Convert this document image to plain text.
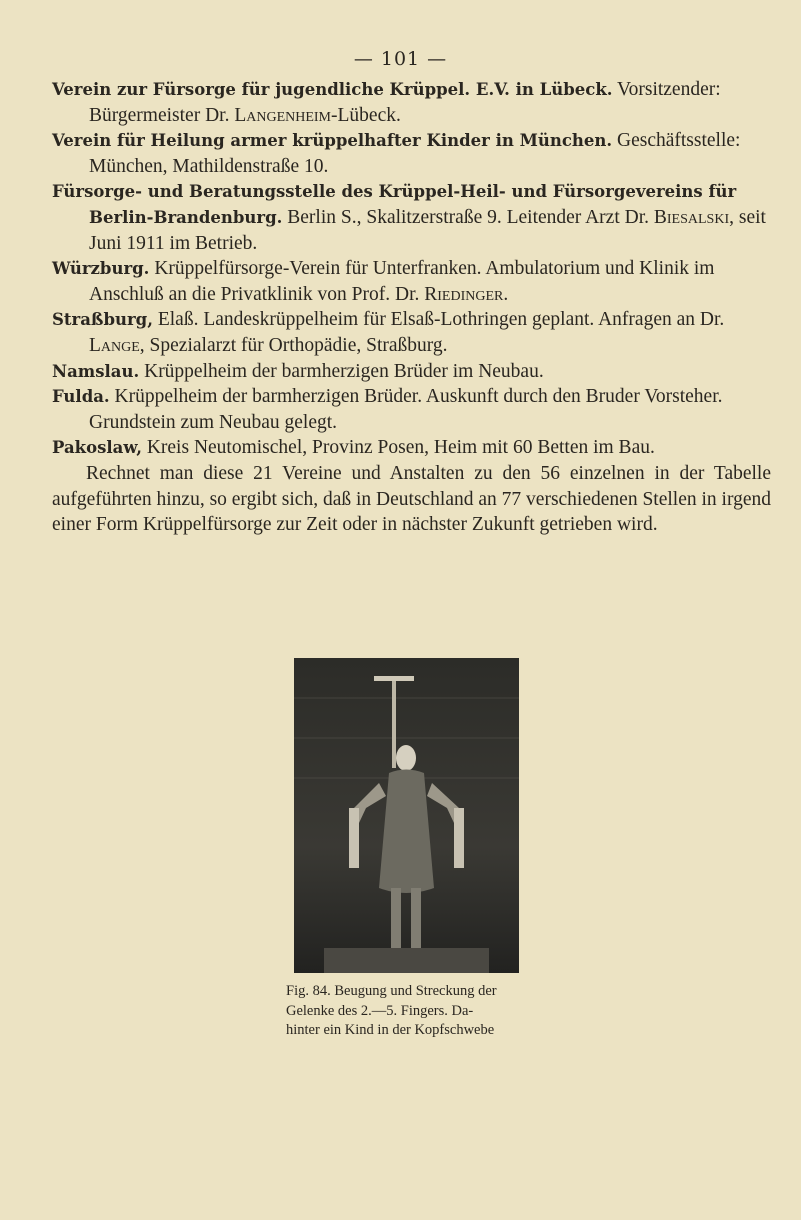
— 101 —

Verein zur Fürsorge für jugendliche Krüppel. E.V. in Lübeck. Vorsitzender: Bürgermeister Dr. Langenheim-Lübeck.

Verein für Heilung armer krüppelhafter Kinder in München. Geschäftsstelle: München, Mathildenstraße 10.

Fürsorge- und Beratungsstelle des Krüppel-Heil- und Fürsorgevereins für Berlin-Brandenburg. Berlin S., Skalitzerstraße 9. Leitender Arzt Dr. Biesalski, seit Juni 1911 im Betrieb.

Würzburg. Krüppelfürsorge-Verein für Unterfranken. Ambulatorium und Klinik im Anschluß an die Privatklinik von Prof. Dr. Riedinger.

Straßburg, Elaß. Landeskrüppelheim für Elsaß-Lothringen geplant. Anfragen an Dr. Lange, Spezialarzt für Orthopädie, Straßburg.

Namslau. Krüppelheim der barmherzigen Brüder im Neubau.

Fulda. Krüppelheim der barmherzigen Brüder. Auskunft durch den Bruder Vorsteher. Grundstein zum Neubau gelegt.

Pakoslaw, Kreis Neutomischel, Provinz Posen, Heim mit 60 Betten im Bau.

Rechnet man diese 21 Vereine und Anstalten zu den 56 einzelnen in der Tabelle aufgeführten hinzu, so ergibt sich, daß in Deutschland an 77 verschiedenen Stellen in irgend einer Form Krüppelfürsorge zur Zeit oder in nächster Zukunft getrieben wird.

Fig. 84. Beugung und Streckung der
Gelenke des 2.—5. Fingers. Da-
hinter ein Kind in der Kopfschwebe
